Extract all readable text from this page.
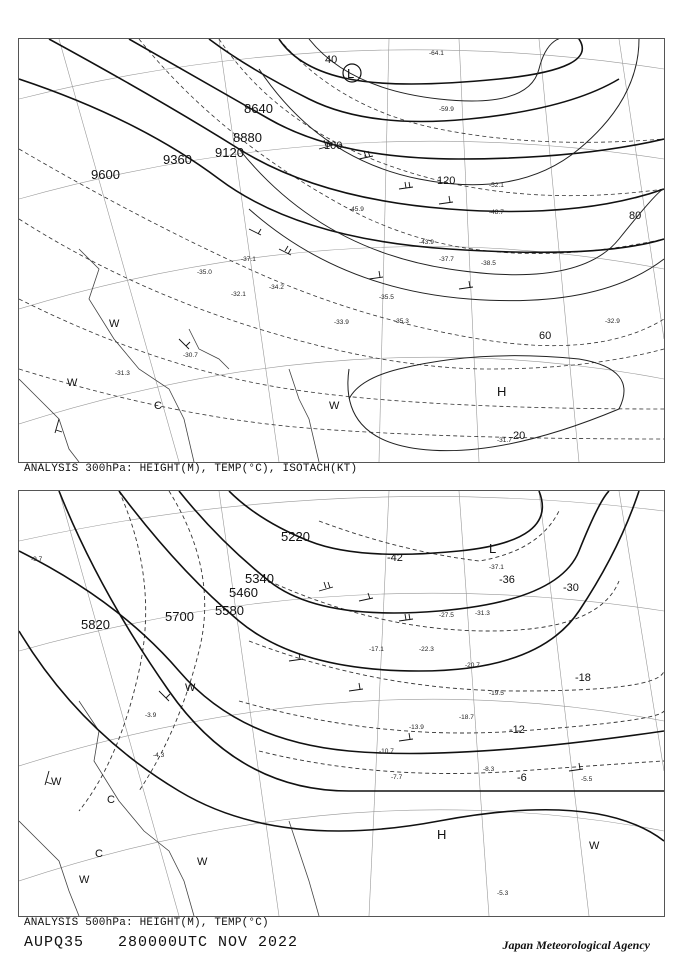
8640
8880
9120
9360
9600
20
40
60
80
100
120
-64.1
-59.9
-52.1
-48.7
-45.9
-43.9
-37.7
-38.5
-35.5
-35.3	-32.9
-33.9
-31.7
-31.3
-30.7
-35.0
-34.2
-37.1
-32.1
L
H
W
W
W
C
ANALYSIS 300hPa: HEIGHT(M), TEMP(°C), ISOTACH(KT)
5220
5340
5460
5580
5700
5820
-42
-36
-30
-18
-12
-6
-37.1
-31.3
-20.7
-19.5
-18.7
-13.9
-10.7
-8.3
-7.7	-5.5
-5.3
-4.3
-3.9
-9.7
-17.1	-22.3
-27.5
L
H
W
W
W
W
W
C
C
ANALYSIS 500hPa: HEIGHT(M), TEMP(°C)
AUPQ35 280000UTC NOV 2022	Japan Meteorological Agency
